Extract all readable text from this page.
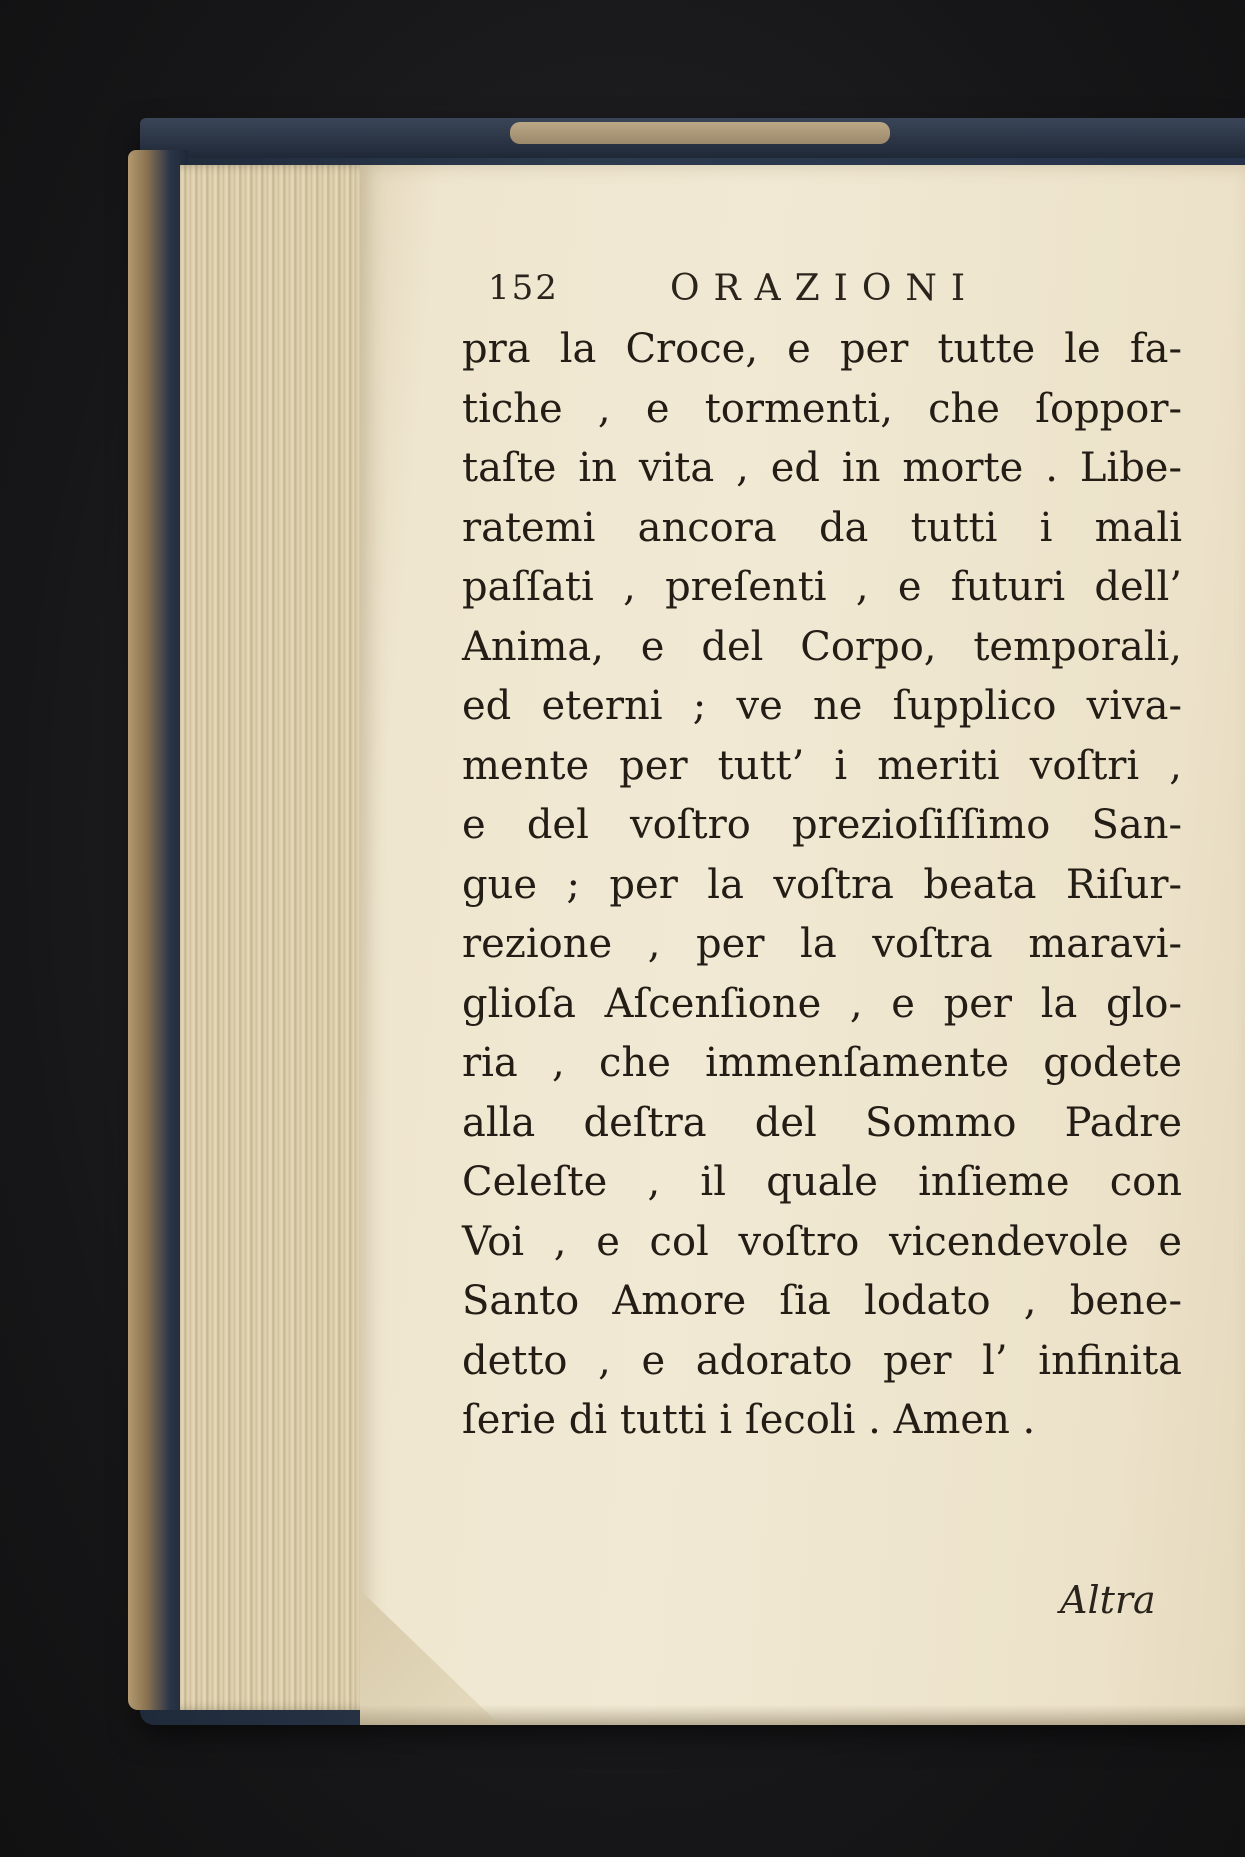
152	ORAZIONI
pra la Croce, e per tutte le fa-
tiche , e tormenti, che ſoppor-
taſte in vita , ed in morte . Libe-
ratemi ancora da tutti i mali
paſſati , preſenti , e futuri dell’
Anima, e del Corpo, temporali,
ed eterni ; ve ne ſupplico viva-
mente per tutt’ i meriti voſtri ,
e del voſtro prezioſiſſimo San-
gue ; per la voſtra beata Riſur-
rezione , per la voſtra maravi-
glioſa Aſcenſione , e per la glo-
ria , che immenſamente godete
alla deſtra del Sommo Padre
Celeſte , il quale inſieme con
Voi , e col voſtro vicendevole e
Santo Amore ſia lodato , bene-
detto , e adorato per l’ infinita
ſerie di tutti i ſecoli . Amen .
Altra
